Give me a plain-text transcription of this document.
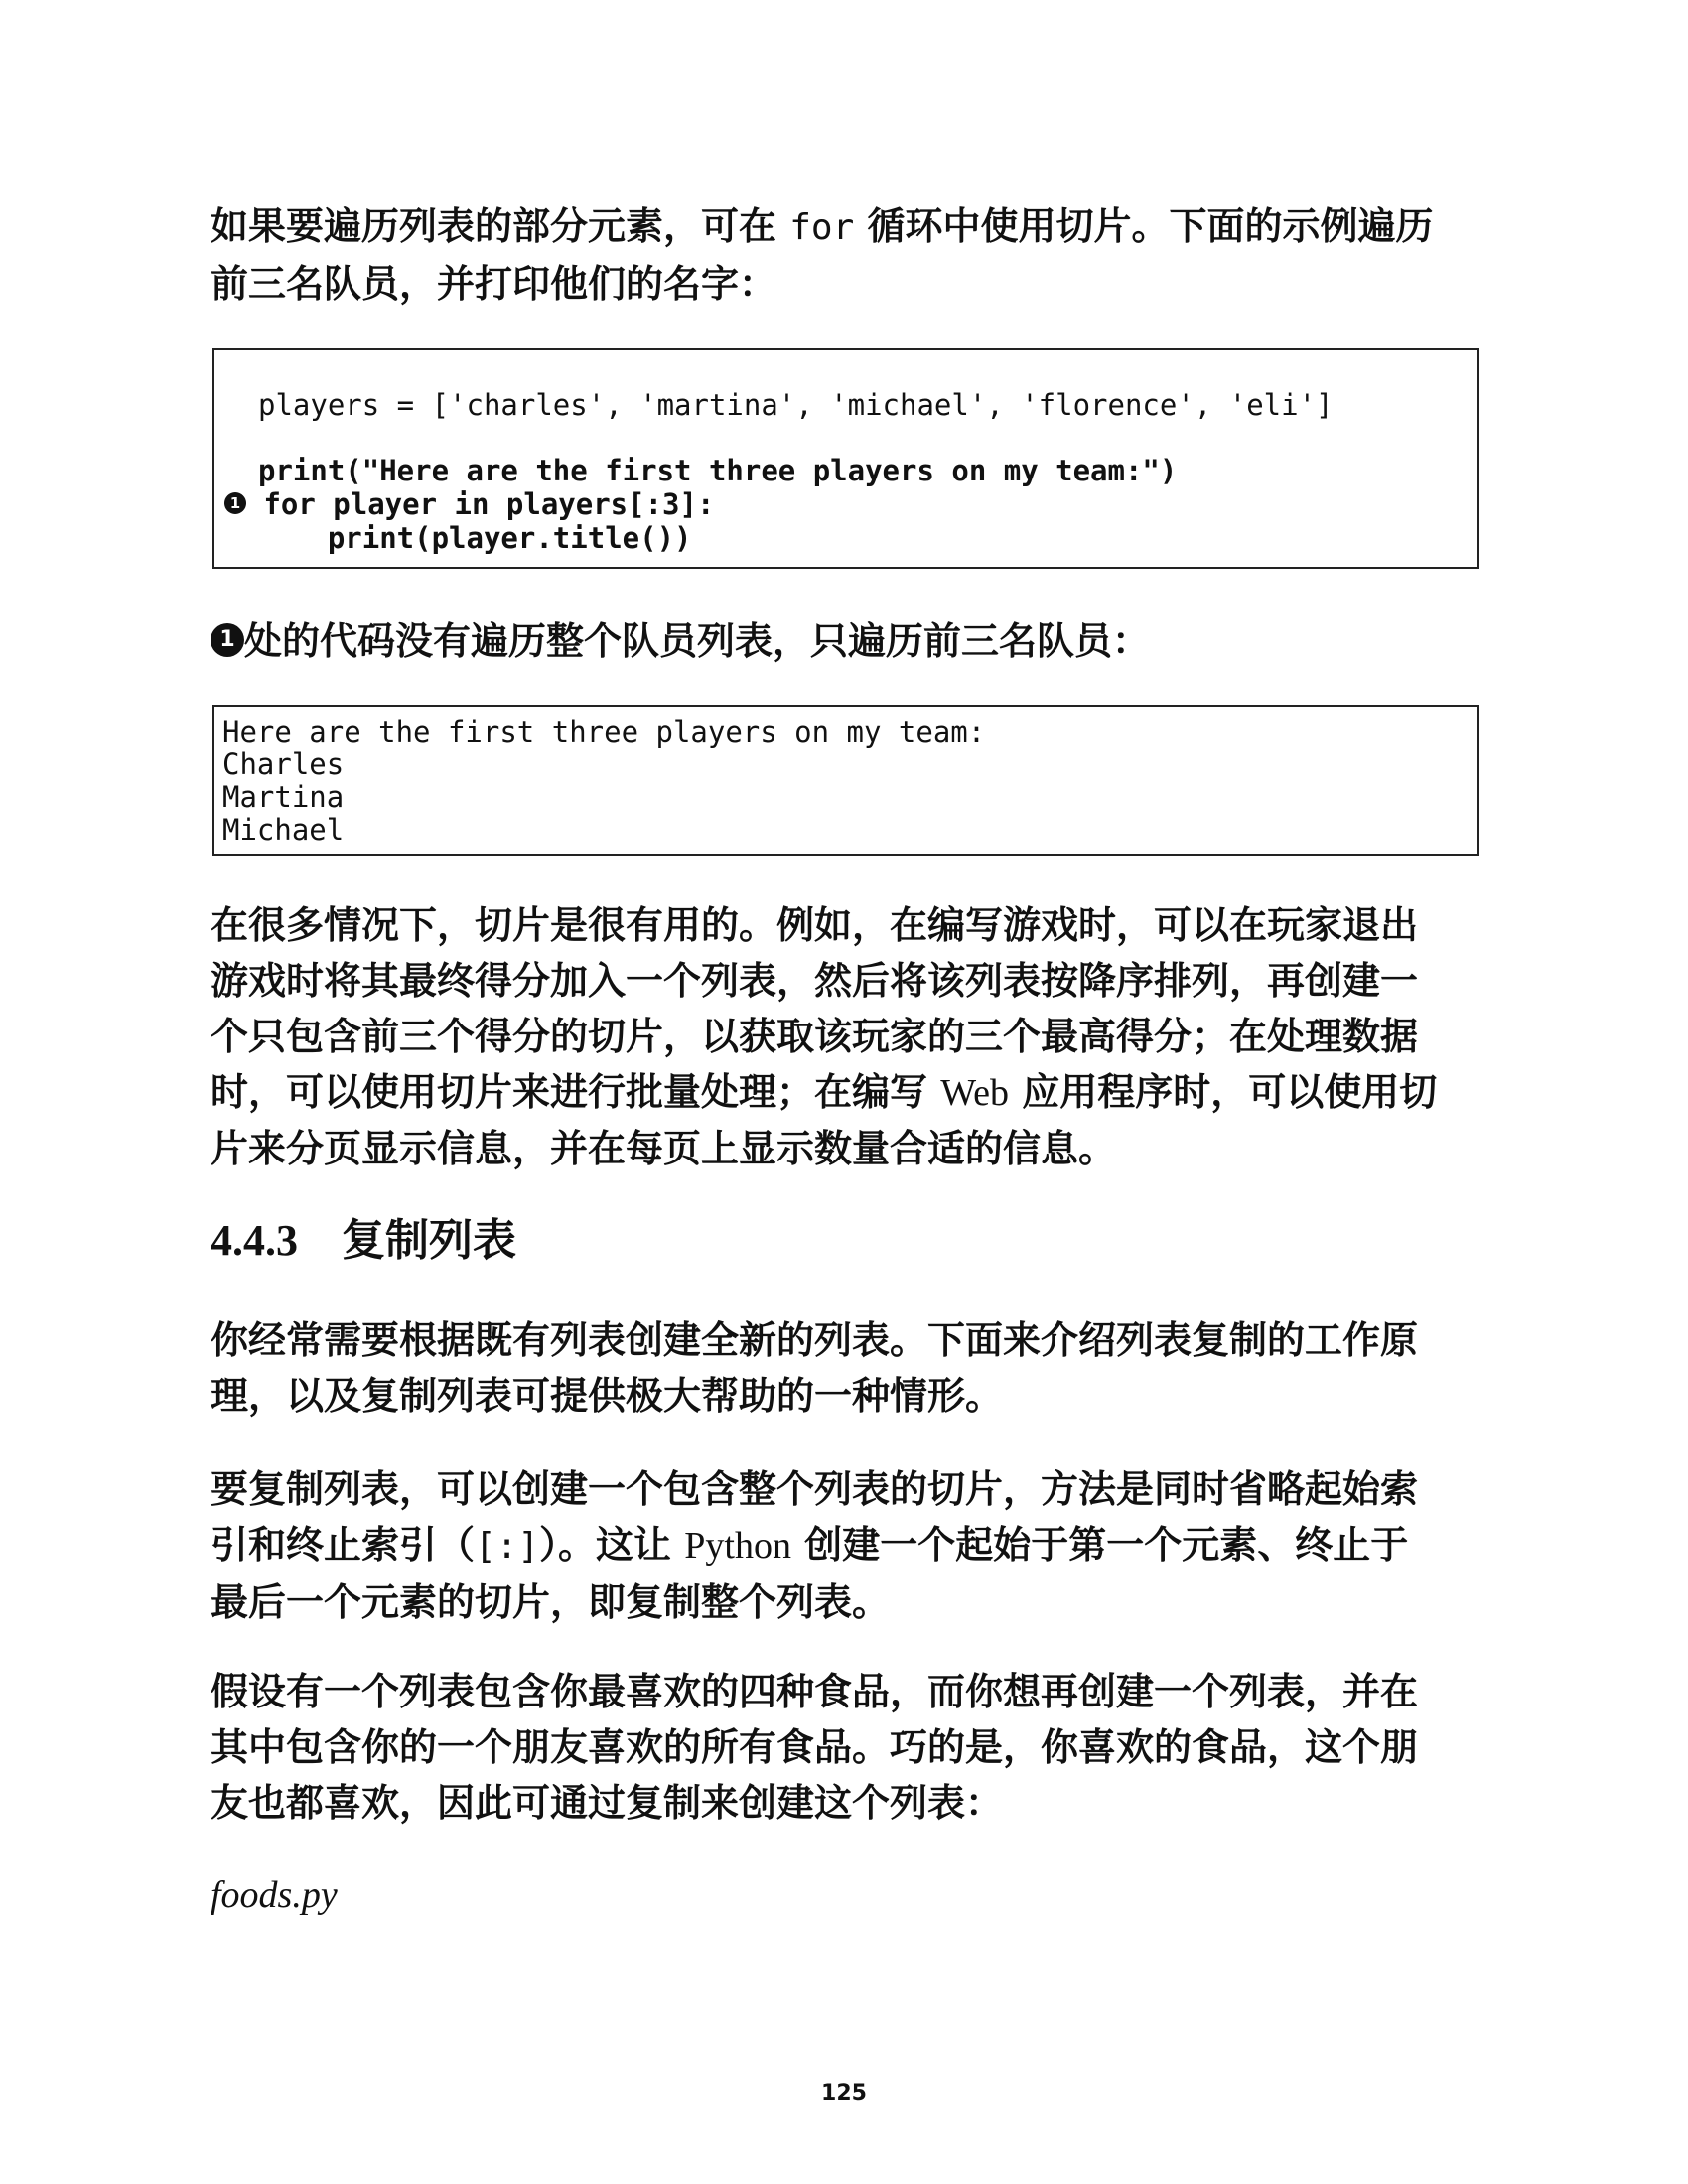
如果要遍历列表的部分元素，可在 for 循环中使用切片。下面的示例遍历
前三名队员，并打印他们的名字：
players = ['charles', 'martina', 'michael', 'florence', 'eli']
print("Here are the first three players on my team:")
1 for player in players[:3]:
print(player.title())
1 处的代码没有遍历整个队员列表，只遍历前三名队员：
Here are the first three players on my team:
Charles
Martina
Michael
在很多情况下，切片是很有用的。例如，在编写游戏时，可以在玩家退出
游戏时将其最终得分加入一个列表，然后将该列表按降序排列，再创建一
个只包含前三个得分的切片，以获取该玩家的三个最高得分；在处理数据
时，可以使用切片来进行批量处理；在编写 Web 应用程序时，可以使用切
片来分页显示信息，并在每页上显示数量合适的信息。
4.4.3 复制列表
你经常需要根据既有列表创建全新的列表。下面来介绍列表复制的工作原
理，以及复制列表可提供极大帮助的一种情形。
要复制列表，可以创建一个包含整个列表的切片，方法是同时省略起始索
引和终止索引（[:]）。这让 Python 创建一个起始于第一个元素、终止于
最后一个元素的切片，即复制整个列表。
假设有一个列表包含你最喜欢的四种食品，而你想再创建一个列表，并在
其中包含你的一个朋友喜欢的所有食品。巧的是，你喜欢的食品，这个朋
友也都喜欢，因此可通过复制来创建这个列表：
foods.py
125
